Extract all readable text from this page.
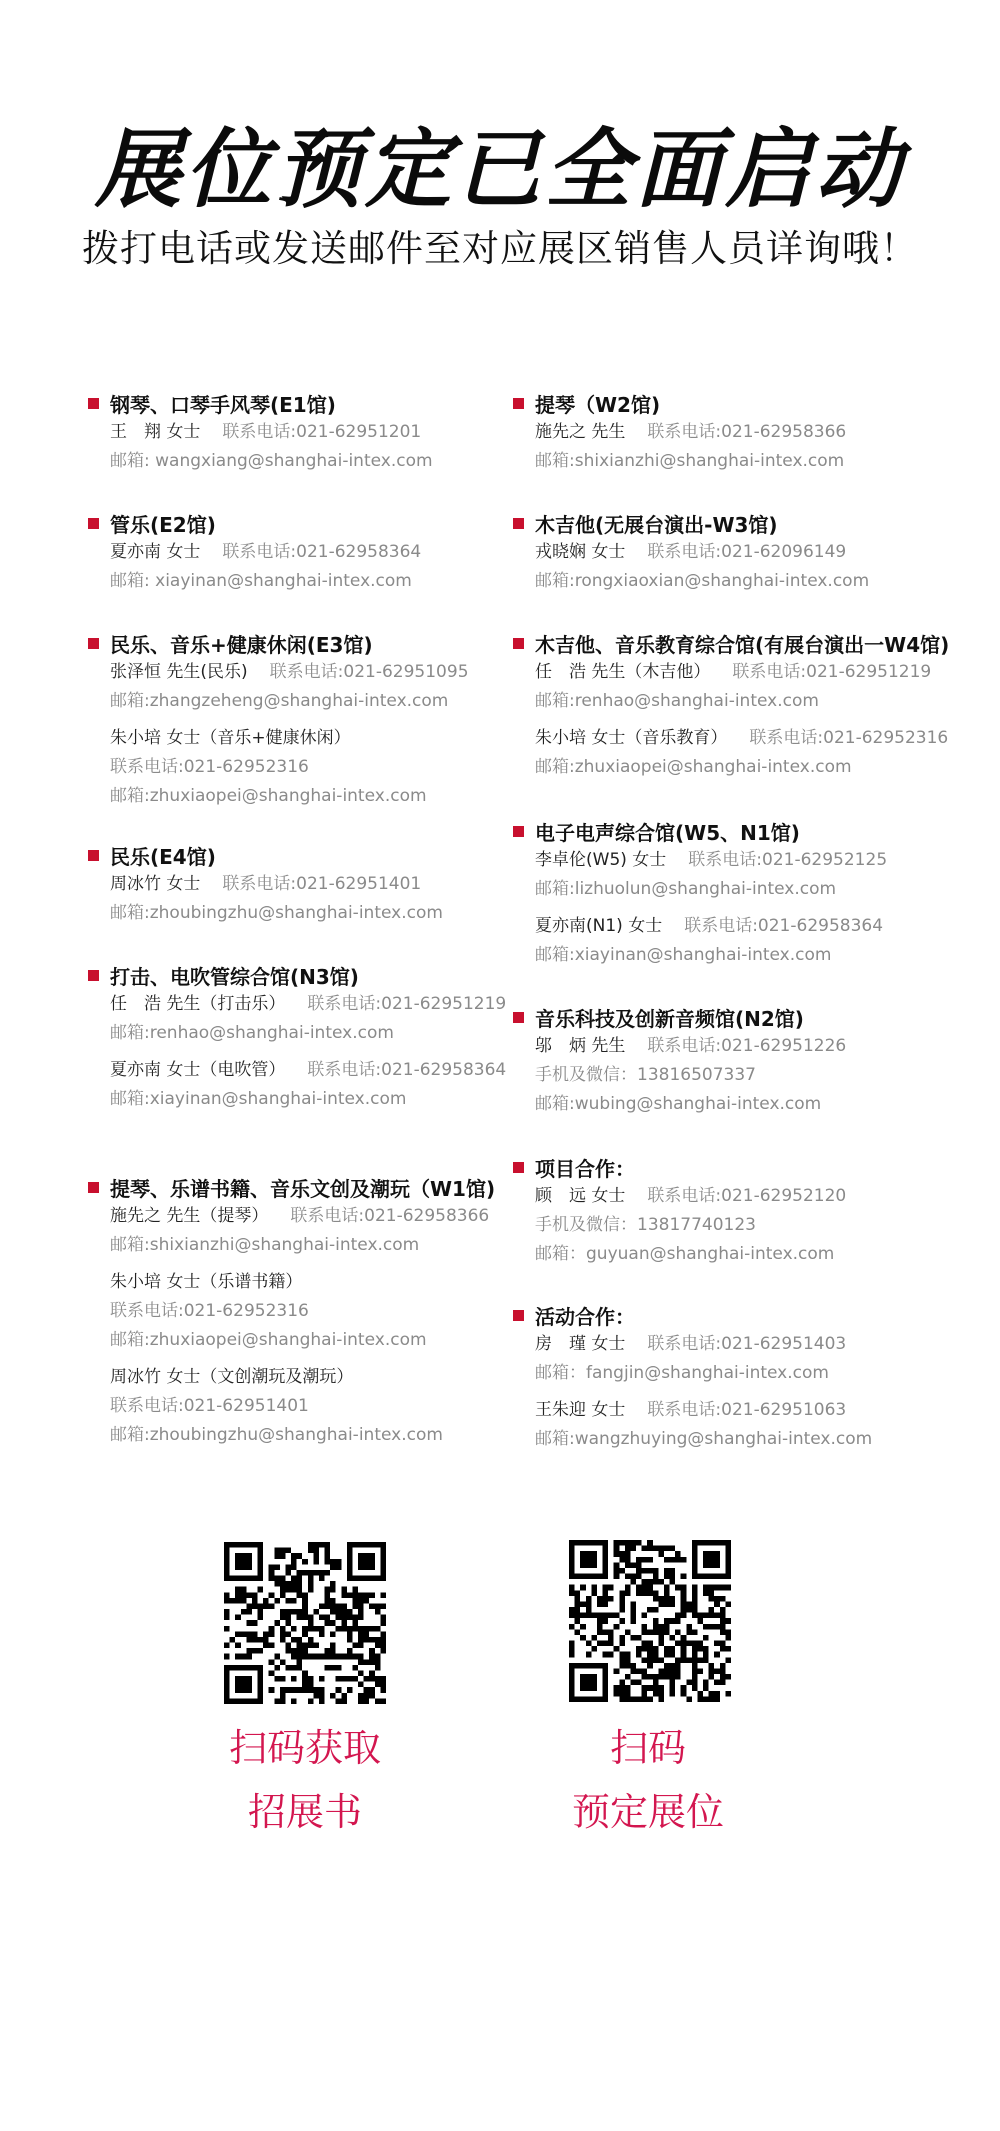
展位预定已全面启动
拨打电话或发送邮件至对应展区销售人员详询哦！
钢琴、口琴手风琴(E1馆)
王　翔 女士 联系电话:021-62951201
邮箱: wangxiang@shanghai-intex.com
管乐(E2馆)
夏亦南 女士 联系电话:021-62958364
邮箱: xiayinan@shanghai-intex.com
民乐、音乐+健康休闲(E3馆)
张泽恒 先生(民乐) 联系电话:021-62951095
邮箱:zhangzeheng@shanghai-intex.com
朱小培 女士（音乐+健康休闲）
联系电话:021-62952316
邮箱:zhuxiaopei@shanghai-intex.com
民乐(E4馆)
周冰竹 女士 联系电话:021-62951401
邮箱:zhoubingzhu@shanghai-intex.com
打击、电吹管综合馆(N3馆)
任　浩 先生（打击乐） 联系电话:021-62951219
邮箱:renhao@shanghai-intex.com
夏亦南 女士（电吹管） 联系电话:021-62958364
邮箱:xiayinan@shanghai-intex.com
提琴、乐谱书籍、音乐文创及潮玩（W1馆)
施先之 先生（提琴） 联系电话:021-62958366
邮箱:shixianzhi@shanghai-intex.com
朱小培 女士（乐谱书籍）
联系电话:021-62952316
邮箱:zhuxiaopei@shanghai-intex.com
周冰竹 女士（文创潮玩及潮玩）
联系电话:021-62951401
邮箱:zhoubingzhu@shanghai-intex.com
提琴（W2馆)
施先之 先生 联系电话:021-62958366
邮箱:shixianzhi@shanghai-intex.com
木吉他(无展台演出-W3馆)
戎晓娴 女士 联系电话:021-62096149
邮箱:rongxiaoxian@shanghai-intex.com
木吉他、音乐教育综合馆(有展台演出一W4馆)
任　浩 先生（木吉他） 联系电话:021-62951219
邮箱:renhao@shanghai-intex.com
朱小培 女士（音乐教育） 联系电话:021-62952316
邮箱:zhuxiaopei@shanghai-intex.com
电子电声综合馆(W5、N1馆)
李卓伦(W5) 女士 联系电话:021-62952125
邮箱:lizhuolun@shanghai-intex.com
夏亦南(N1) 女士 联系电话:021-62958364
邮箱:xiayinan@shanghai-intex.com
音乐科技及创新音频馆(N2馆)
邬　炳 先生 联系电话:021-62951226
手机及微信：13816507337
邮箱:wubing@shanghai-intex.com
项目合作：
顾　远 女士 联系电话:021-62952120
手机及微信：13817740123
邮箱：guyuan@shanghai-intex.com
活动合作：
房　瑾 女士 联系电话:021-62951403
邮箱：fangjin@shanghai-intex.com
王朱迎 女士 联系电话:021-62951063
邮箱:wangzhuying@shanghai-intex.com
扫码获取
招展书
扫码
预定展位
